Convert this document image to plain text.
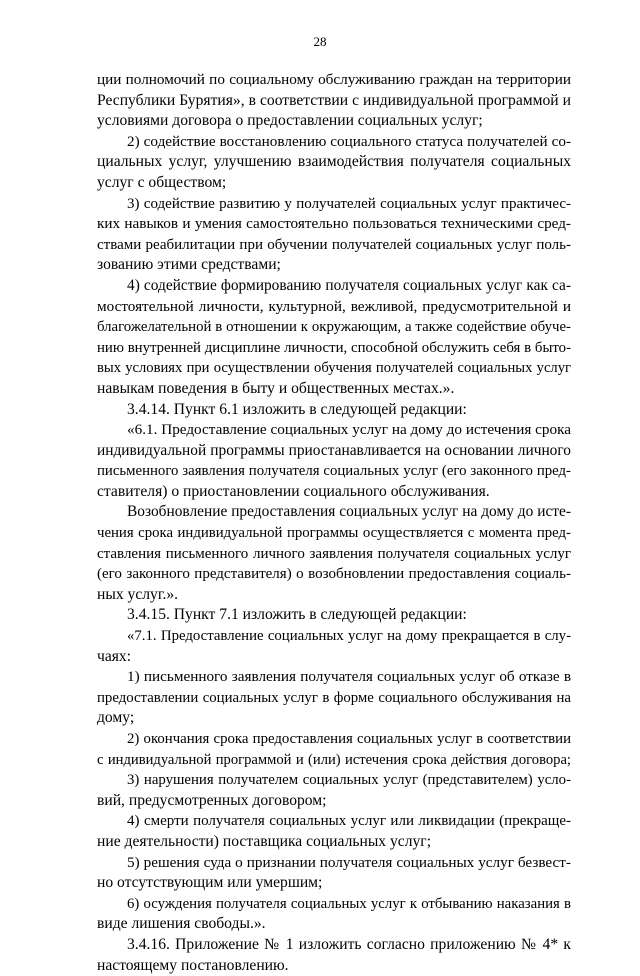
28
ции полномочий по социальному обслуживанию граждан на территории
Республики Бурятия», в соответствии с индивидуальной программой и
условиями договора о предоставлении социальных услуг;
2) содействие восстановлению социального статуса получателей со-
циальных услуг, улучшению взаимодействия получателя социальных
услуг с обществом;
3) содействие развитию у получателей социальных услуг практичес-
ких навыков и умения самостоятельно пользоваться техническими сред-
ствами реабилитации при обучении получателей социальных услуг поль-
зованию этими средствами;
4) содействие формированию получателя социальных услуг как са-
мостоятельной личности, культурной, вежливой, предусмотрительной и
благожелательной в отношении к окружающим, а также содействие обуче-
нию внутренней дисциплине личности, способной обслужить себя в быто-
вых условиях при осуществлении обучения получателей социальных услуг
навыкам поведения в быту и общественных местах.».
3.4.14. Пункт 6.1 изложить в следующей редакции:
«6.1. Предоставление социальных услуг на дому до истечения срока
индивидуальной программы приостанавливается на основании личного
письменного заявления получателя социальных услуг (его законного пред-
ставителя) о приостановлении социального обслуживания.
Возобновление предоставления социальных услуг на дому до исте-
чения срока индивидуальной программы осуществляется с момента пред-
ставления письменного личного заявления получателя социальных услуг
(его законного представителя) о возобновлении предоставления социаль-
ных услуг.».
3.4.15. Пункт 7.1 изложить в следующей редакции:
«7.1. Предоставление социальных услуг на дому прекращается в слу-
чаях:
1) письменного заявления получателя социальных услуг об отказе в
предоставлении социальных услуг в форме социального обслуживания на
дому;
2) окончания срока предоставления социальных услуг в соответствии
с индивидуальной программой и (или) истечения срока действия договора;
3) нарушения получателем социальных услуг (представителем) усло-
вий, предусмотренных договором;
4) смерти получателя социальных услуг или ликвидации (прекраще-
ние деятельности) поставщика социальных услуг;
5) решения суда о признании получателя социальных услуг безвест-
но отсутствующим или умершим;
6) осуждения получателя социальных услуг к отбыванию наказания в
виде лишения свободы.».
3.4.16. Приложение № 1 изложить согласно приложению № 4* к
настоящему постановлению.
